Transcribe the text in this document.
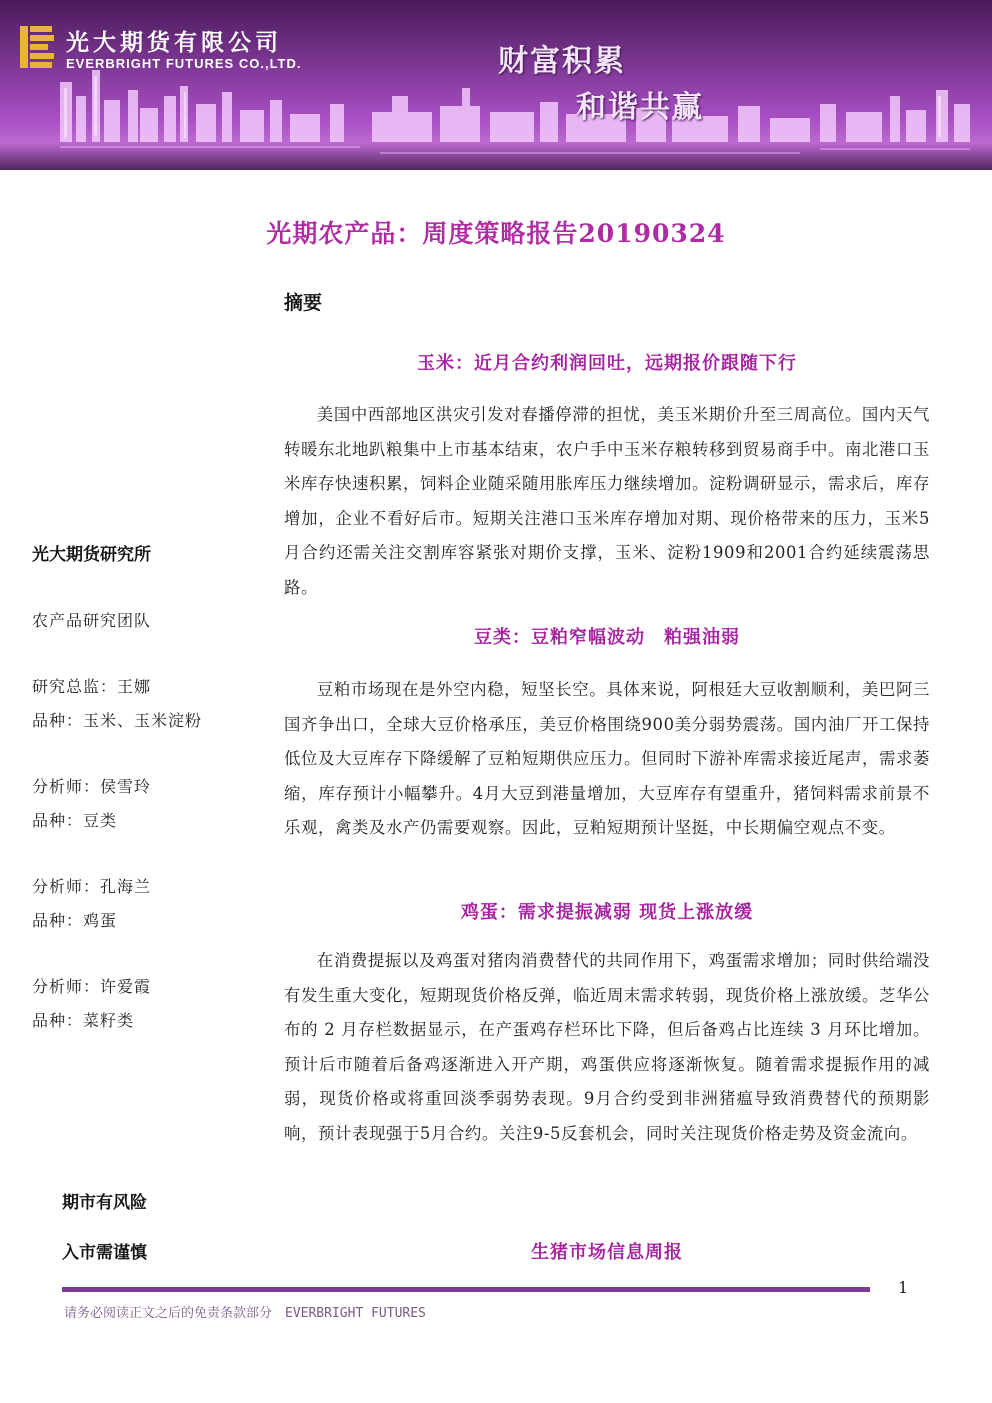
光大期货有限公司
EVERBRIGHT FUTURES CO.,LTD.	财富积累
和谐共赢
光期农产品：周度策略报告20190324
摘要
光大期货研究所
农产品研究团队
研究总监：王娜
品种：玉米、玉米淀粉
分析师：侯雪玲
品种：豆类
分析师：孔海兰
品种：鸡蛋
分析师：许爱霞
品种：菜籽类
期市有风险
入市需谨慎
玉米：近月合约利润回吐，远期报价跟随下行

美国中西部地区洪灾引发对春播停滞的担忧，美玉米期价升至三周高位。国内天气转暖东北地趴粮集中上市基本结束，农户手中玉米存粮转移到贸易商手中。南北港口玉米库存快速积累，饲料企业随采随用胀库压力继续增加。淀粉调研显示，需求后，库存增加，企业不看好后市。短期关注港口玉米库存增加对期、现价格带来的压力，玉米5月合约还需关注交割库容紧张对期价支撑，玉米、淀粉1909和2001合约延续震荡思路。

豆类：豆粕窄幅波动　粕强油弱

豆粕市场现在是外空内稳，短坚长空。具体来说，阿根廷大豆收割顺利，美巴阿三国齐争出口，全球大豆价格承压，美豆价格围绕900美分弱势震荡。国内油厂开工保持低位及大豆库存下降缓解了豆粕短期供应压力。但同时下游补库需求接近尾声，需求萎缩，库存预计小幅攀升。4月大豆到港量增加，大豆库存有望重升，猪饲料需求前景不乐观，禽类及水产仍需要观察。因此，豆粕短期预计坚挺，中长期偏空观点不变。

鸡蛋：需求提振减弱 现货上涨放缓

在消费提振以及鸡蛋对猪肉消费替代的共同作用下，鸡蛋需求增加；同时供给端没有发生重大变化，短期现货价格反弹，临近周末需求转弱，现货价格上涨放缓。芝华公布的 2 月存栏数据显示，在产蛋鸡存栏环比下降，但后备鸡占比连续 3 月环比增加。预计后市随着后备鸡逐渐进入开产期，鸡蛋供应将逐渐恢复。随着需求提振作用的减弱，现货价格或将重回淡季弱势表现。9月合约受到非洲猪瘟导致消费替代的预期影响，预计表现强于5月合约。关注9-5反套机会，同时关注现货价格走势及资金流向。

生猪市场信息周报
1
请务必阅读正文之后的免责条款部分　EVERBRIGHT FUTURES
